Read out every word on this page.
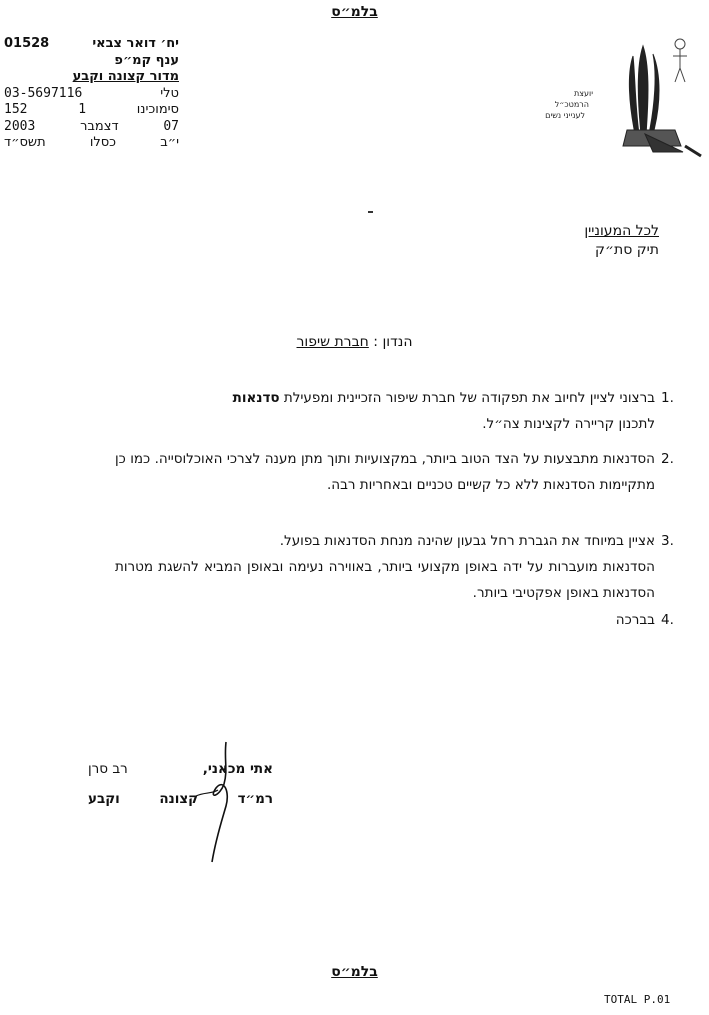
בלמ״ס
יח׳ דואר צבאי
01528
ענף קמ״פ
מדור קצונה וקבע
טלי
03-5697116
סימוכינו
1
152
07
דצמבר
2003
י״ב
כסלו
תשס״ד
יועצת
הרמטכ״ל
לענייני נשים
לכל המעוניין
תיק סת״ק
הנדון : חברת שיפור
1.
ברצוני לציין לחיוב את תפקודה של חברת שיפור הזכיינית ומפעילת סדנאות
לתכנון קריירה לקצינות צה״ל.
2.
הסדנאות מתבצעות על הצד הטוב ביותר, במקצועיות ותוך מתן מענה לצרכי האוכלוסייה. כמו כן מתקיימות הסדנאות ללא כל קשיים טכניים ובאחריות רבה.
3.
אציין במיוחד את הגברת רחל גבעון שהינה מנחת הסדנאות בפועל.
הסדנאות מועברות על ידה באופן מקצועי ביותר, באווירה נעימה ובאופן המביא להשגת מטרות הסדנאות באופן אפקטיבי ביותר.
4.
בברכה
אתי מכאני,
רב סרן
רמ״ד
קצונה
וקבע
בלמ״ס
TOTAL P.01
